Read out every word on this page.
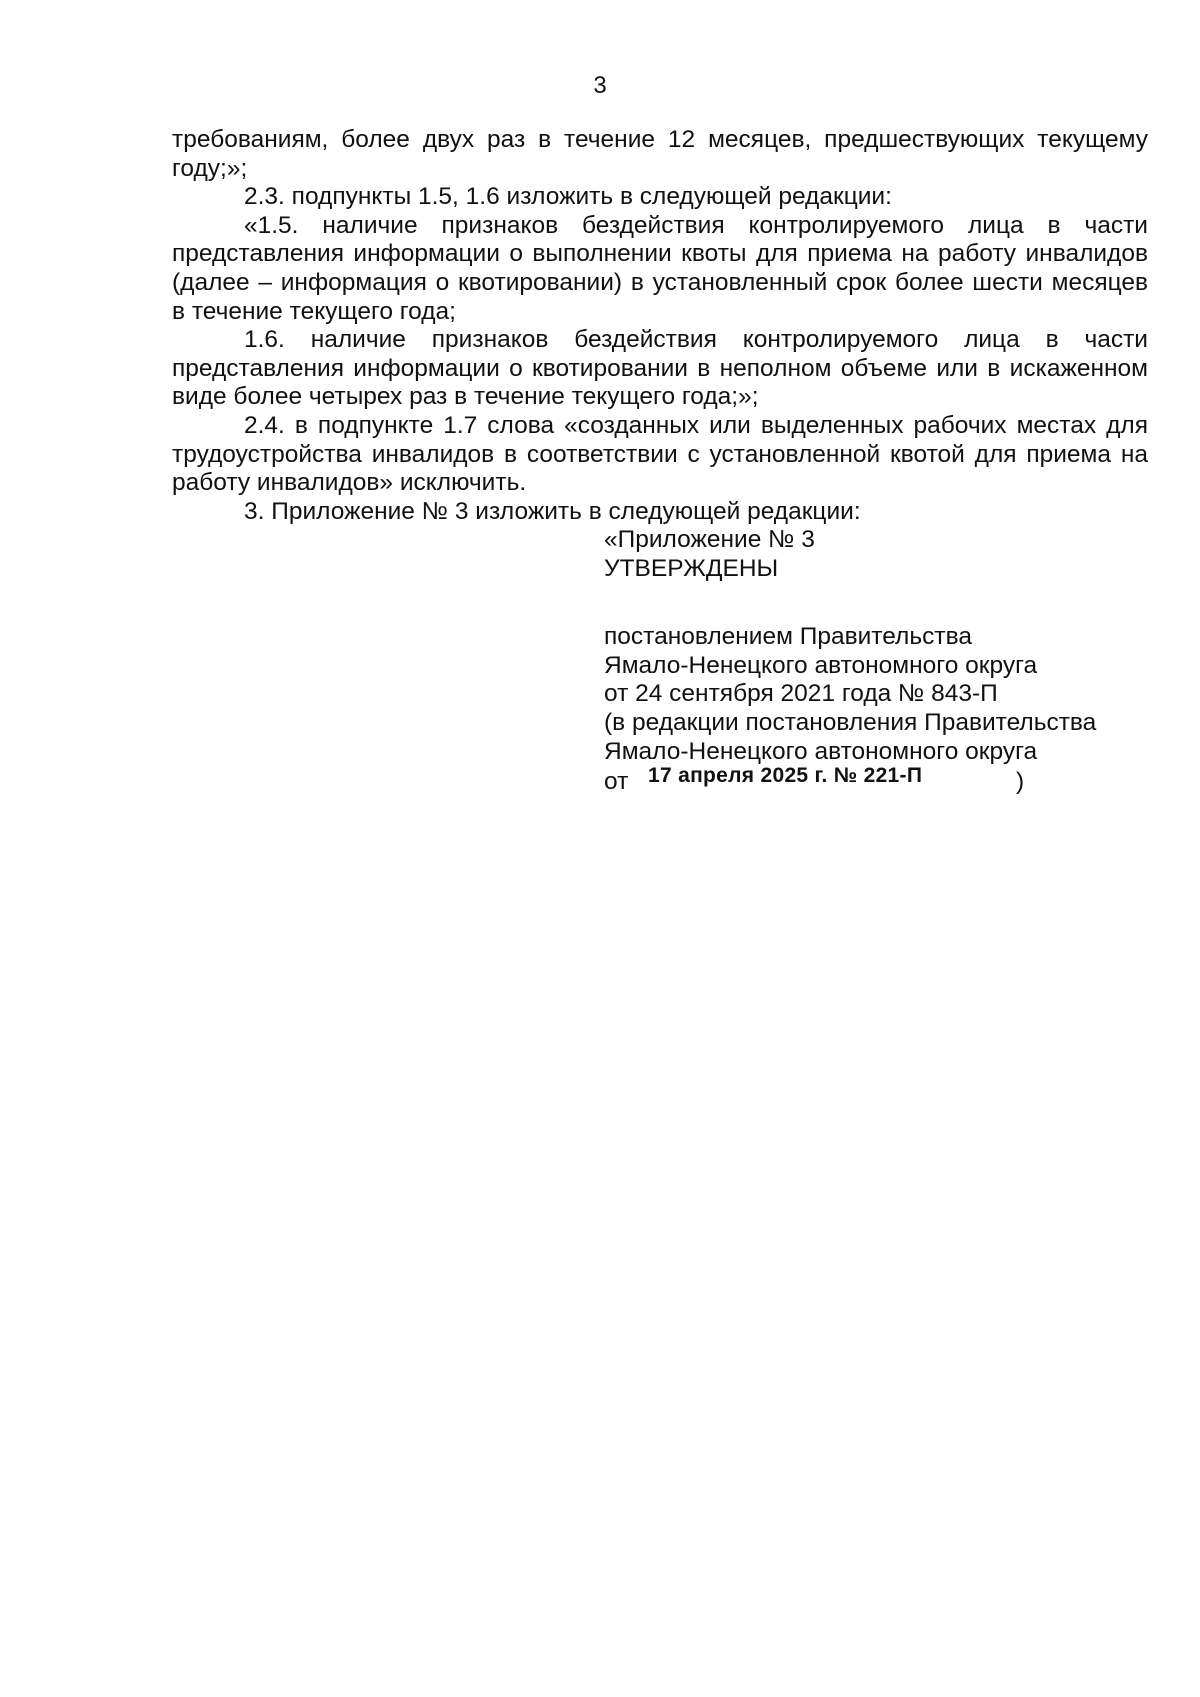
3

требованиям, более двух раз в течение 12 месяцев, предшествующих текущему году;»;

2.3. подпункты 1.5, 1.6 изложить в следующей редакции:

«1.5. наличие признаков бездействия контролируемого лица в части представления информации о выполнении квоты для приема на работу инвалидов (далее – информация о квотировании) в установленный срок более шести месяцев в течение текущего года;

1.6. наличие признаков бездействия контролируемого лица в части представления информации о квотировании в неполном объеме или в искаженном виде более четырех раз в течение текущего года;»;

2.4. в подпункте 1.7 слова «созданных или выделенных рабочих местах для трудоустройства инвалидов в соответствии с установленной квотой для приема на работу инвалидов» исключить.

3. Приложение № 3 изложить в следующей редакции:

«Приложение № 3
УТВЕРЖДЕНЫ
постановлением Правительства
Ямало-Ненецкого автономного округа
от 24 сентября 2021 года № 843-П
(в редакции постановления Правительства
Ямало-Ненецкого автономного округа
от 17 апреля 2025 г. № 221-П	)
